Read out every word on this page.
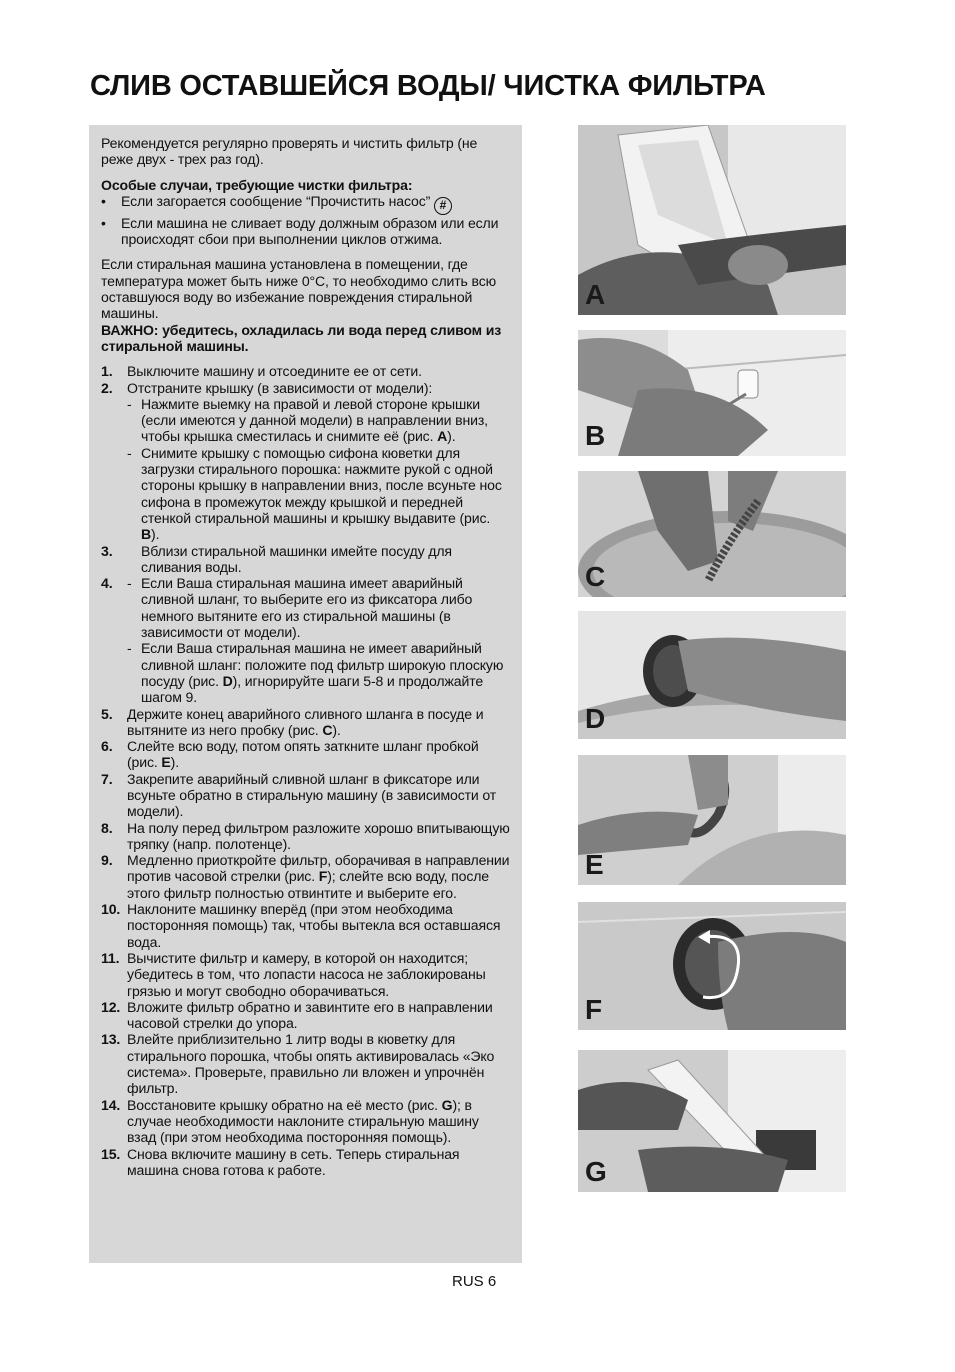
СЛИВ ОСТАВШЕЙСЯ ВОДЫ/ ЧИСТКА ФИЛЬТРА

Рекомендуется регулярно проверять и чистить фильтр (не реже двух - трех раз год).

Особые случаи, требующие чистки фильтра:

•	Если загорается сообщение “Прочистить насос” #
•	Если машина не сливает воду должным образом или если происходят сбои при выполнении циклов отжима.

Если стиральная машина установлена в помещении, где температура может быть ниже 0°С, то необходимо слить всю оставшуюся воду во избежание повреждения стиральной машины.

ВАЖНО: убедитесь, охладилась ли вода перед сливом из стиральной машины.

1.	Выключите машину и отсоедините ее от сети.
2.	Отстраните крышку (в зависимости от модели):
- Нажмите выемку на правой и левой стороне крышки (если имеются у данной модели) в направлении вниз, чтобы крышка сместилась и снимите её (рис. A).
- Снимите крышку с помощью сифона кюветки для загрузки стирального порошка: нажмите рукой с одной стороны крышку в направлении вниз, после всуньте нос сифона в промежуток между крышкой и передней стенкой стиральной машины и крышку выдавите (рис. B).
3.	Вблизи стиральной машинки имейте посуду для сливания воды.
4.	- Если Ваша стиральная машина имеет аварийный сливной шланг, то выберите его из фиксатора либо немного вытяните его из стиральной машины (в зависимости от модели).
- Если Ваша стиральная машина не имеет аварийный сливной шланг: положите под фильтр широкую плоскую посуду (рис. D), игнорируйте шаги 5-8 и продолжайте шагом 9.
5.	Держите конец аварийного сливного шланга в посуде и вытяните из него пробку (рис. C).
6.	Слейте всю воду, потом опять заткните шланг пробкой (рис. E).
7.	Закрепите аварийный сливной шланг в фиксаторе или всуньте обратно в стиральную машину (в зависимости от модели).
8.	На полу перед фильтром разложите хорошо впитывающую тряпку (напр. полотенце).
9.	Медленно приоткройте фильтр, оборачивая в направлении против часовой стрелки (рис. F); слейте всю воду, после этого фильтр полностью отвинтите и выберите его.
10. Наклоните машинку вперёд (при этом необходима посторонняя помощь) так, чтобы вытекла вся оставшаяся вода.
11. Вычистите фильтр и камеру, в которой он находится; убедитесь в том, что лопасти насоса не заблокированы грязью и могут свободно оборачиваться.
12. Вложите фильтр обратно и завинтите его в направлении часовой стрелки до упора.
13. Влейте приблизительно 1 литр воды в кюветку для стирального порошка, чтобы опять активировалась «Эко система». Проверьте, правильно ли вложен и упрочнён фильтр.
14. Восстановите крышку обратно на её место (рис. G); в случае необходимости наклоните стиральную машину взад (при этом необходима посторонняя помощь).
15. Снова включите машину в сеть. Теперь стиральная машина снова готова к работе.
A
B
C
D
E
F
G
RUS 6
